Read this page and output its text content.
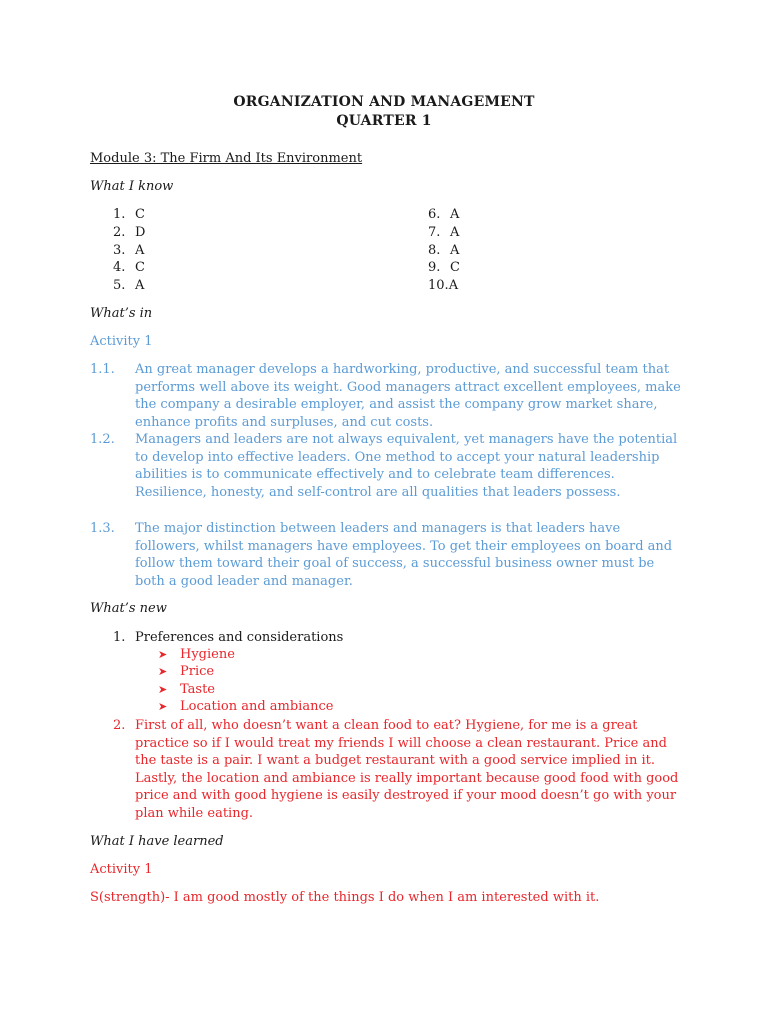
ORGANIZATION AND MANAGEMENT
QUARTER 1
Module 3: The Firm And Its Environment
What I know
1. C
2. D
3. A
4. C
5. A
6. A
7. A
8. A
9. C
10.A
What’s in
Activity 1
1.1. An great manager develops a hardworking, productive, and successful team that performs well above its weight. Good managers attract excellent employees, make the company a desirable employer, and assist the company grow market share, enhance profits and surpluses, and cut costs.
1.2. Managers and leaders are not always equivalent, yet managers have the potential to develop into effective leaders. One method to accept your natural leadership abilities is to communicate effectively and to celebrate team differences. Resilience, honesty, and self-control are all qualities that leaders possess.
1.3. The major distinction between leaders and managers is that leaders have followers, whilst managers have employees. To get their employees on board and follow them toward their goal of success, a successful business owner must be both a good leader and manager.
What’s new
1. Preferences and considerations
➤ Hygiene
➤ Price
➤ Taste
➤ Location and ambiance
2. First of all, who doesn’t want a clean food to eat? Hygiene, for me is a great practice so if I would treat my friends I will choose a clean restaurant. Price and the taste is a pair. I want a budget restaurant with a good service implied in it. Lastly, the location and ambiance is really important because good food with good price and with good hygiene is easily destroyed if your mood doesn’t go with your plan while eating.
What I have learned
Activity 1
S(strength)- I am good mostly of the things I do when I am interested with it.
